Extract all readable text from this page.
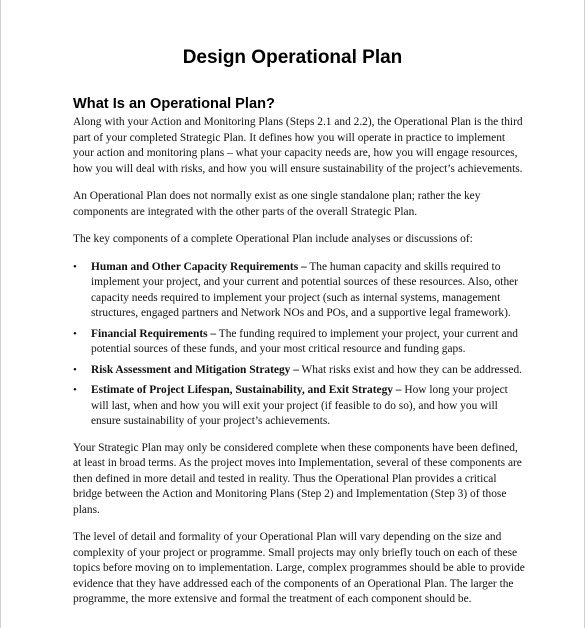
Design Operational Plan
What Is an Operational Plan?

Along with your Action and Monitoring Plans (Steps 2.1 and 2.2), the Operational Plan is the third part of your completed Strategic Plan. It defines how you will operate in practice to implement your action and monitoring plans – what your capacity needs are, how you will engage resources, how you will deal with risks, and how you will ensure sustainability of the project’s achievements.

An Operational Plan does not normally exist as one single standalone plan; rather the key components are integrated with the other parts of the overall Strategic Plan.

The key components of a complete Operational Plan include analyses or discussions of:

•	Human and Other Capacity Requirements – The human capacity and skills required to implement your project, and your current and potential sources of these resources. Also, other capacity needs required to implement your project (such as internal systems, management structures, engaged partners and Network NOs and POs, and a supportive legal framework).
•	Financial Requirements – The funding required to implement your project, your current and potential sources of these funds, and your most critical resource and funding gaps.
•	Risk Assessment and Mitigation Strategy – What risks exist and how they can be addressed.
•	Estimate of Project Lifespan, Sustainability, and Exit Strategy – How long your project will last, when and how you will exit your project (if feasible to do so), and how you will ensure sustainability of your project’s achievements.

Your Strategic Plan may only be considered complete when these components have been defined, at least in broad terms. As the project moves into Implementation, several of these components are then defined in more detail and tested in reality. Thus the Operational Plan provides a critical bridge between the Action and Monitoring Plans (Step 2) and Implementation (Step 3) of those plans.

The level of detail and formality of your Operational Plan will vary depending on the size and complexity of your project or programme. Small projects may only briefly touch on each of these topics before moving on to implementation. Large, complex programmes should be able to provide evidence that they have addressed each of the components of an Operational Plan. The larger the programme, the more extensive and formal the treatment of each component should be.
